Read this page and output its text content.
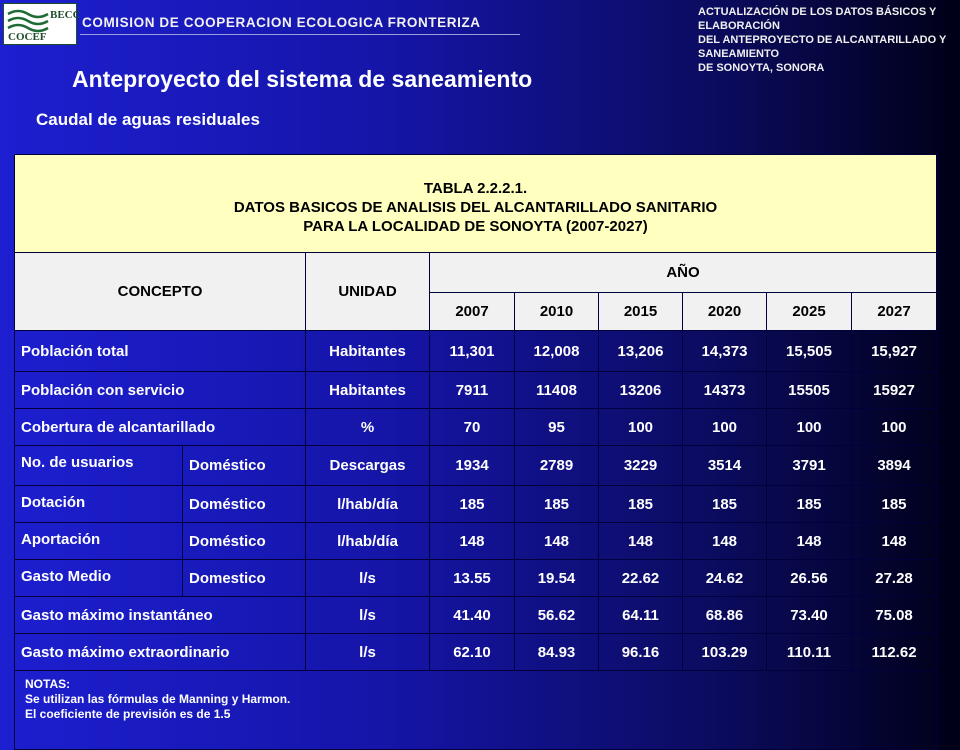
BECC
COCEF
COMISION DE COOPERACION ECOLOGICA FRONTERIZA
ACTUALIZACIÓN DE LOS DATOS BÁSICOS Y ELABORACIÓN
DEL ANTEPROYECTO DE ALCANTARILLADO Y SANEAMIENTO
DE SONOYTA, SONORA
Anteproyecto del sistema de saneamiento
Caudal de aguas residuales
TABLA 2.2.2.1.
DATOS BASICOS DE ANALISIS DEL ALCANTARILLADO SANITARIO
PARA LA LOCALIDAD DE SONOYTA (2007-2027)								

CONCEPTO		UNIDAD	AÑO					
			2007	2010	2015	2020	2025	2027
Población total		Habitantes	11,301	12,008	13,206	14,373	15,505	15,927
Población con servicio		Habitantes	7911	11408	13206	14373	15505	15927
Cobertura de alcantarillado		%	70	95	100	100	100	100
No. de usuarios	Doméstico	Descargas	1934	2789	3229	3514	3791	3894
Dotación	Doméstico	l/hab/día	185	185	185	185	185	185
Aportación	Doméstico	l/hab/día	148	148	148	148	148	148
Gasto Medio	Domestico	l/s	13.55	19.54	22.62	24.62	26.56	27.28
Gasto máximo instantáneo		l/s	41.40	56.62	64.11	68.86	73.40	75.08
Gasto máximo extraordinario		l/s	62.10	84.93	96.16	103.29	110.11	112.62

NOTAS:
Se utilizan las fórmulas de Manning y Harmon.
El coeficiente de previsión es de 1.5								
